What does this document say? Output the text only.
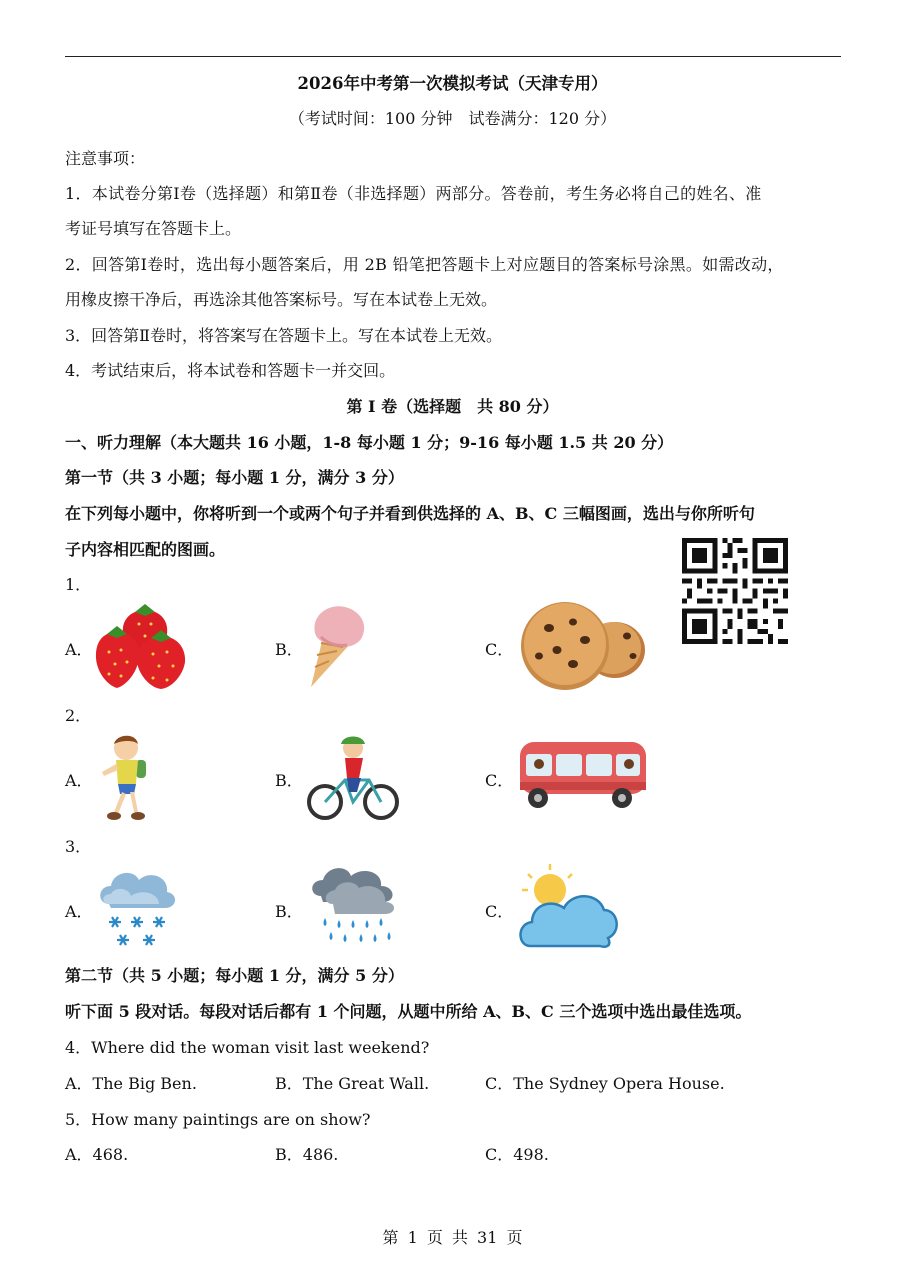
2026年中考第一次模拟考试（天津专用）
（考试时间：100 分钟　试卷满分：120 分）
注意事项：
1．本试卷分第Ⅰ卷（选择题）和第Ⅱ卷（非选择题）两部分。答卷前，考生务必将自己的姓名、准
考证号填写在答题卡上。
2．回答第Ⅰ卷时，选出每小题答案后，用 2B 铅笔把答题卡上对应题目的答案标号涂黑。如需改动，
用橡皮擦干净后，再选涂其他答案标号。写在本试卷上无效。
3．回答第Ⅱ卷时，将答案写在答题卡上。写在本试卷上无效。
4．考试结束后，将本试卷和答题卡一并交回。
第 I 卷（选择题　共 80 分）
一、听力理解（本大题共 16 小题，1-8 每小题 1 分；9-16 每小题 1.5 共 20 分）
第一节（共 3 小题；每小题 1 分，满分 3 分）
在下列每小题中，你将听到一个或两个句子并看到供选择的 A、B、C 三幅图画，选出与你所听句
子内容相匹配的图画。
1．
A．	B．	C．
2．
A．	B．	C．
3．
A．	B．	C．
第二节（共 5 小题；每小题 1 分，满分 5 分）
听下面 5 段对话。每段对话后都有 1 个问题，从题中所给 A、B、C 三个选项中选出最佳选项。
4．Where did the woman visit last weekend?
A．The Big Ben.	B．The Great Wall.	C．The Sydney Opera House.
5．How many paintings are on show?
A．468.	B．486.	C．498.
第 1 页 共 31 页
